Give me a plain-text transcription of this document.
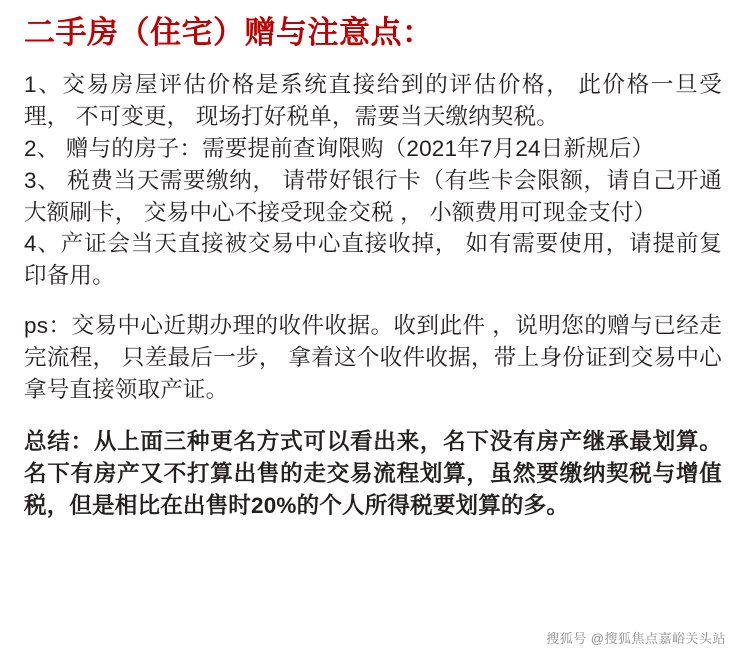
二手房（住宅）赠与注意点：

1、交易房屋评估价格是系统直接给到的评估价格， 此价格一旦受理， 不可变更， 现场打好税单，需要当天缴纳契税。

2、 赠与的房子：需要提前查询限购（2021年7月24日新规后）

3、 税费当天需要缴纳， 请带好银行卡（有些卡会限额，请自己开通大额刷卡， 交易中心不接受现金交税 ， 小额费用可现金支付）

4、产证会当天直接被交易中心直接收掉， 如有需要使用，请提前复印备用。

ps：交易中心近期办理的收件收据。收到此件 ，说明您的赠与已经走完流程， 只差最后一步， 拿着这个收件收据，带上身份证到交易中心拿号直接领取产证。

总结：从上面三种更名方式可以看出来，名下没有房产继承最划算。名下有房产又不打算出售的走交易流程划算，虽然要缴纳契税与增值税，但是相比在出售时20%的个人所得税要划算的多。

搜狐号 @搜狐焦点嘉峪关头站
